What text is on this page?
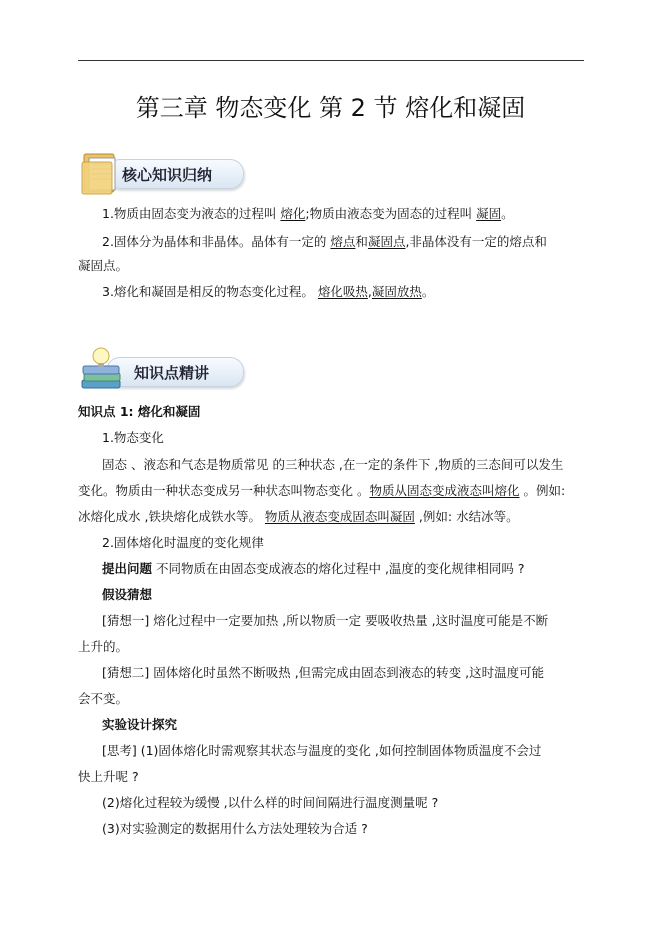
第三章 物态变化 第 2 节 熔化和凝固
核心知识归纳
1.物质由固态变为液态的过程叫 熔化;物质由液态变为固态的过程叫 凝固。
2.固体分为晶体和非晶体。晶体有一定的 熔点和凝固点,非晶体没有一定的熔点和
凝固点。
3.熔化和凝固是相反的物态变化过程。 熔化吸热,凝固放热。
知识点精讲
知识点 1: 熔化和凝固
1.物态变化
固态 、液态和气态是物质常见 的三种状态 ,在一定的条件下 ,物质的三态间可以发生
变化。物质由一种状态变成另一种状态叫物态变化 。物质从固态变成液态叫熔化 。例如:
冰熔化成水 ,铁块熔化成铁水等。 物质从液态变成固态叫凝固 ,例如: 水结冰等。
2.固体熔化时温度的变化规律
提出问题 不同物质在由固态变成液态的熔化过程中 ,温度的变化规律相同吗 ?
假设猜想
[猜想一] 熔化过程中一定要加热 ,所以物质一定 要吸收热量 ,这时温度可能是不断
上升的。
[猜想二] 固体熔化时虽然不断吸热 ,但需完成由固态到液态的转变 ,这时温度可能
会不变。
实验设计探究
[思考] (1)固体熔化时需观察其状态与温度的变化 ,如何控制固体物质温度不会过
快上升呢 ?
(2)熔化过程较为缓慢 ,以什么样的时间间隔进行温度测量呢 ?
(3)对实验测定的数据用什么方法处理较为合适 ?
